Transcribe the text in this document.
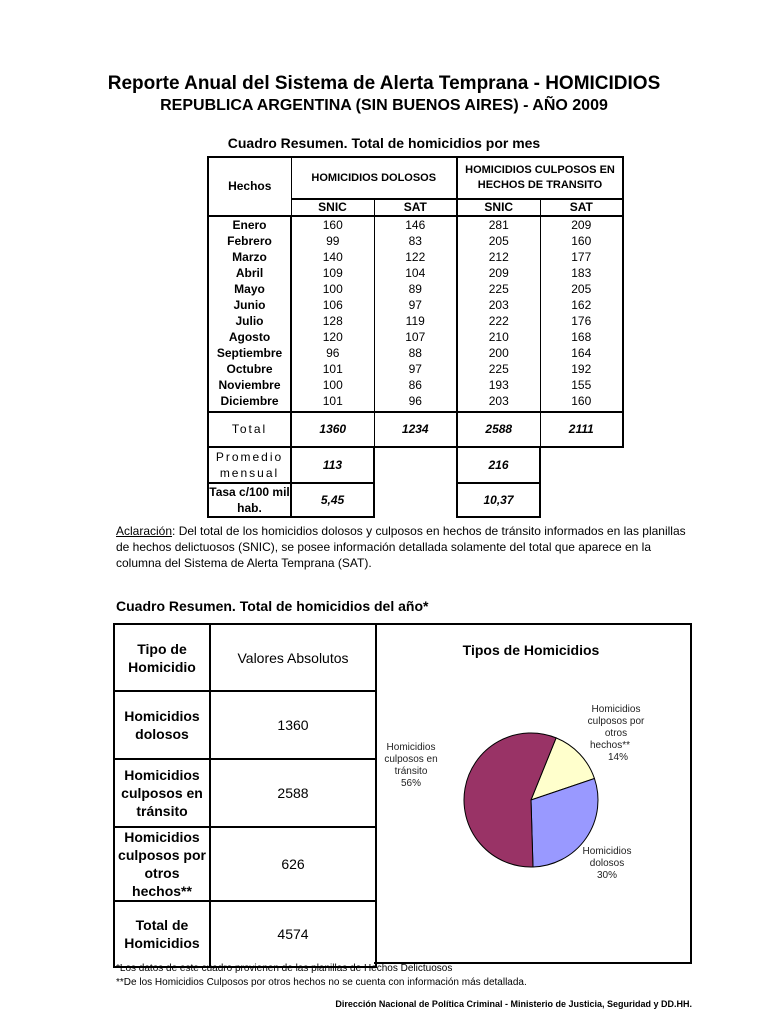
Reporte Anual del Sistema de Alerta Temprana - HOMICIDIOS
REPUBLICA ARGENTINA (SIN BUENOS AIRES) - AÑO 2009
Cuadro Resumen. Total de homicidios por mes
Hechos	HOMICIDIOS DOLOSOS		HOMICIDIOS CULPOSOS EN HECHOS DE TRANSITO	
	SNIC	SAT	SNIC	SAT
Enero	160	146	281	209
Febrero	99	83	205	160
Marzo	140	122	212	177
Abril	109	104	209	183
Mayo	100	89	225	205
Junio	106	97	203	162
Julio	128	119	222	176
Agosto	120	107	210	168
Septiembre	96	88	200	164
Octubre	101	97	225	192
Noviembre	100	86	193	155
Diciembre	101	96	203	160
Total	1360	1234	2588	2111
Promedio mensual	113		216	
Tasa c/100 mil hab.	5,45		10,37	
Aclaración: Del total de los homicidios dolosos y culposos en hechos de tránsito informados en las planillas de hechos delictuosos (SNIC), se posee información detallada solamente del total que aparece en la columna del Sistema de Alerta Temprana (SAT).
Cuadro Resumen. Total de homicidios del año*
Tipo de Homicidio	Valores Absolutos
Homicidios dolosos	1360
Homicidios culposos en tránsito	2588
Homicidios culposos por otros hechos**	626
Total de Homicidios	4574
Tipos de Homicidios
Homicidios culposos en tránsito
56%
Homicidios dolosos
30%
Homicidios culposos por otros hechos**
14%
*Los datos de este cuadro provienen de las planillas de Hechos Delictuosos
**De los Homicidios Culposos por otros hechos no se cuenta con información más detallada.
Dirección Nacional de Política Criminal - Ministerio de Justicia, Seguridad y DD.HH.
